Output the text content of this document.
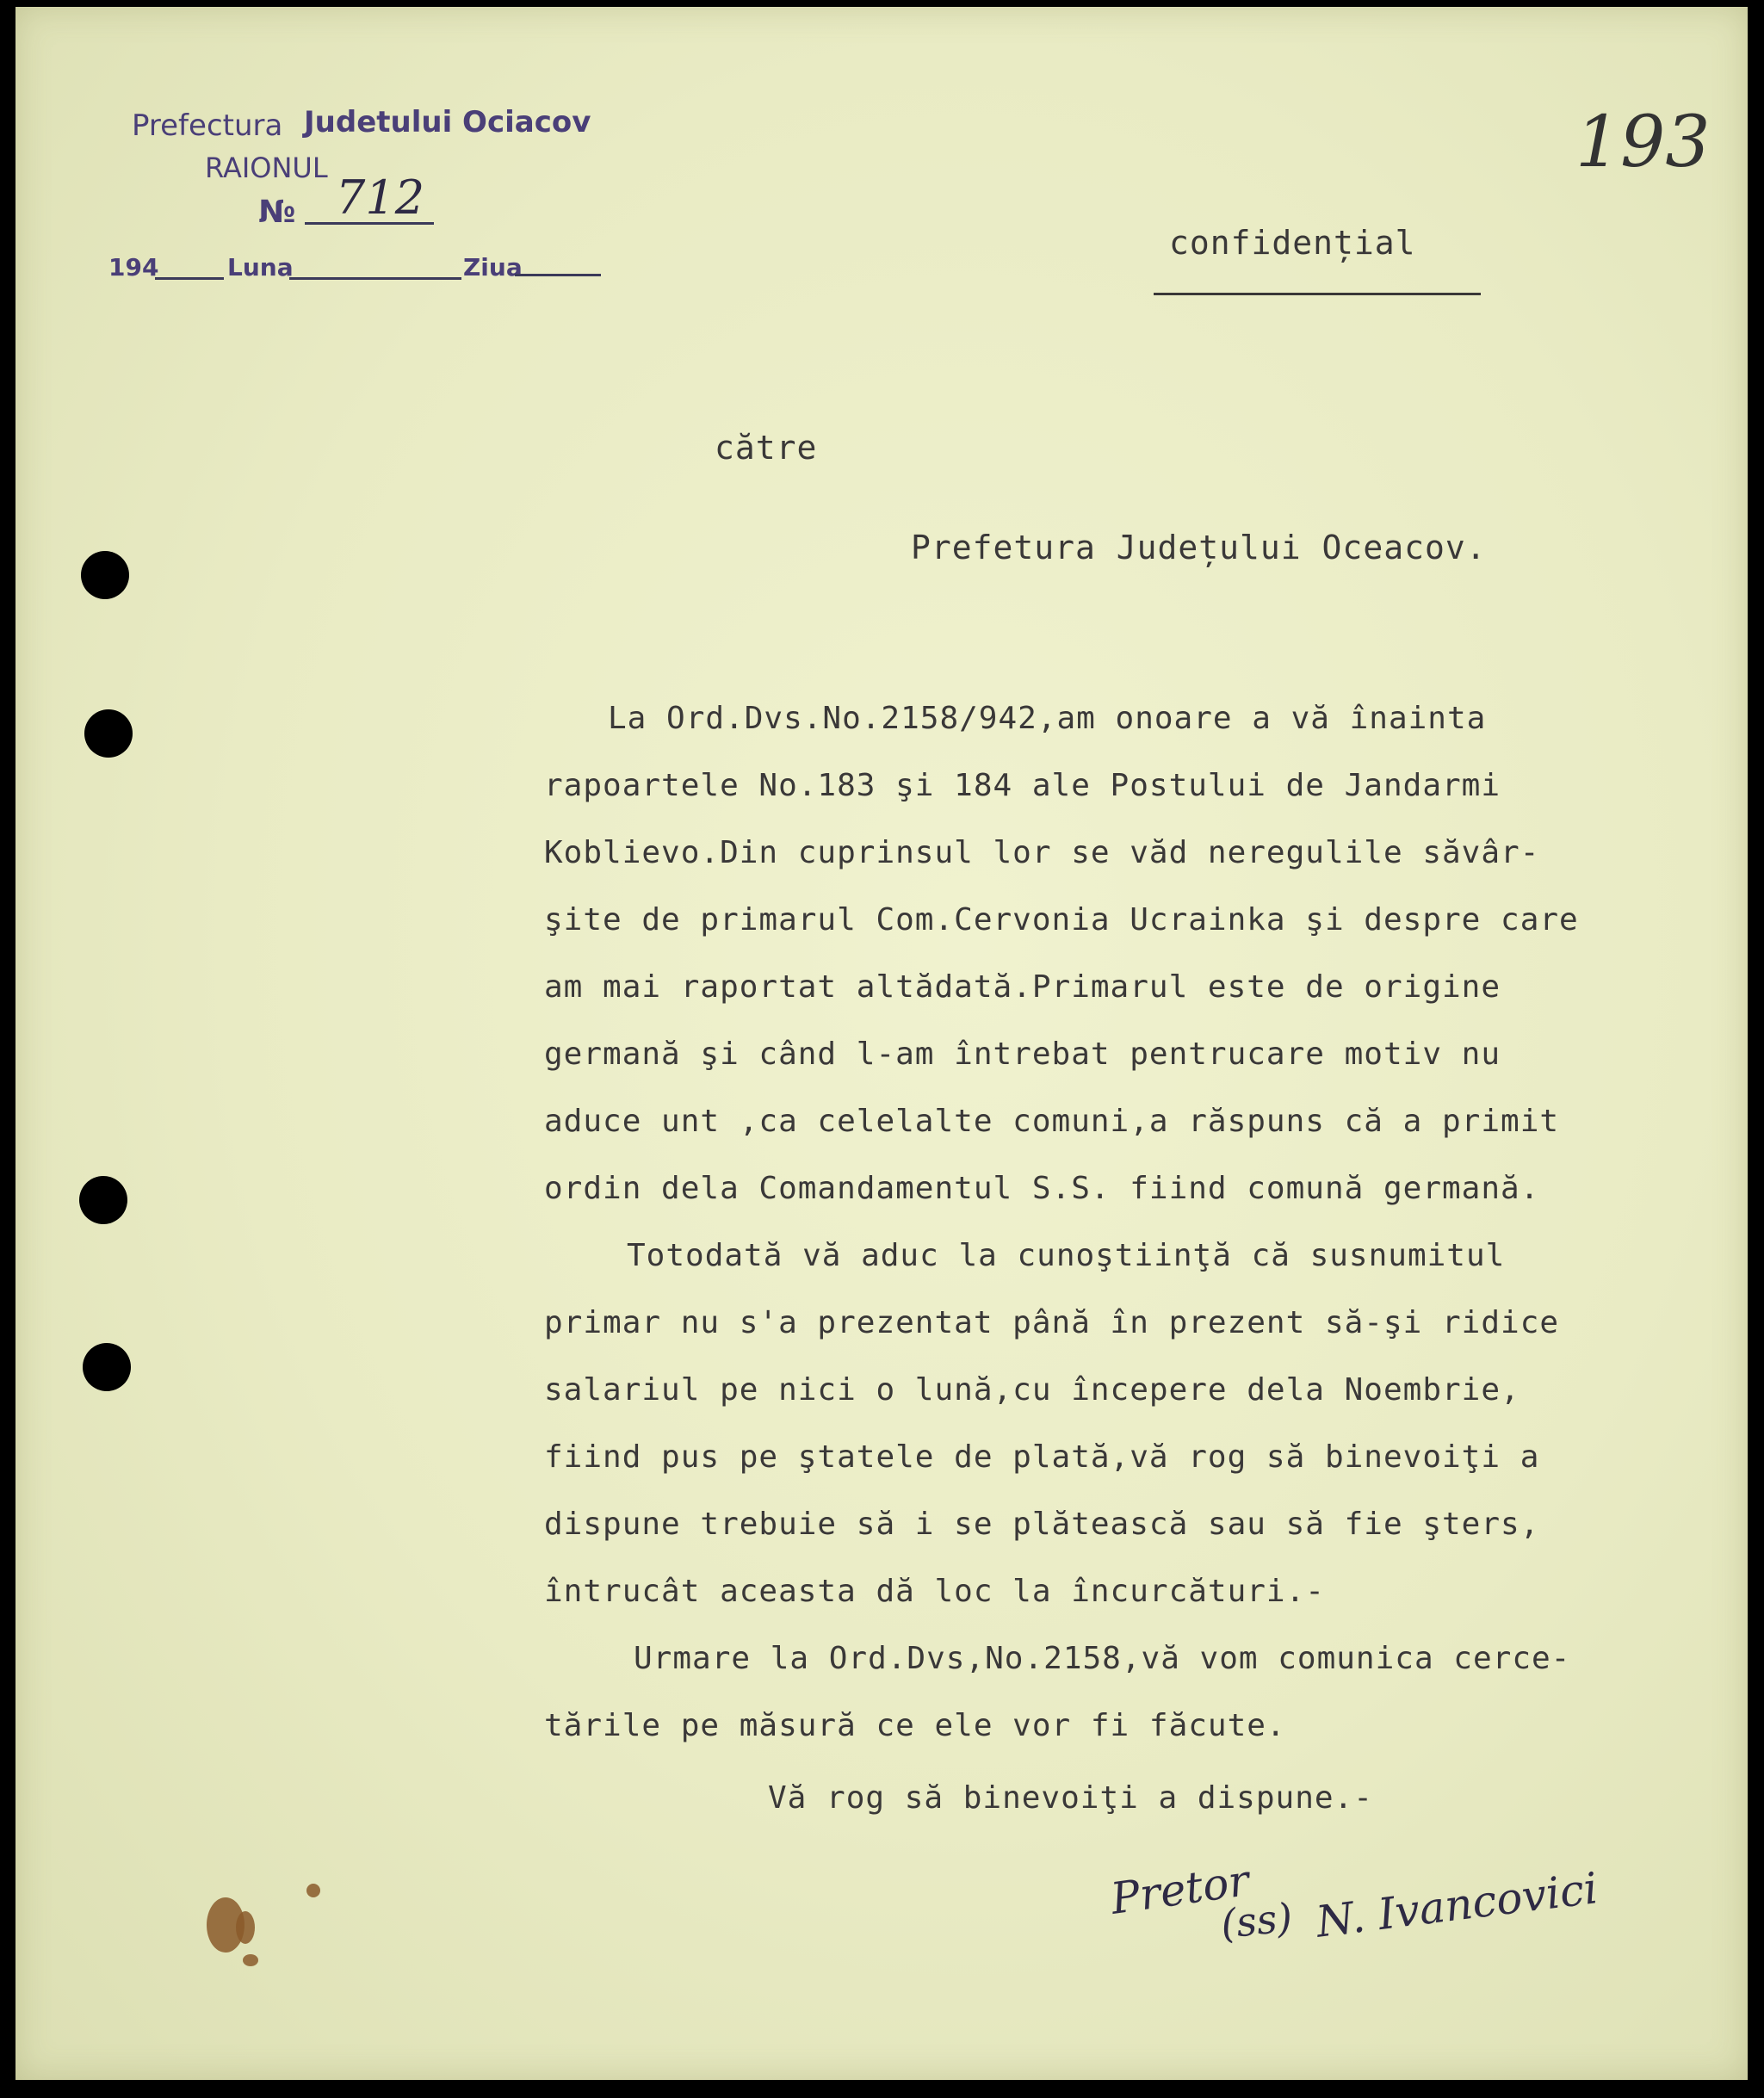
Prefectura Judetului Ociacov
RAIONUL
№ 712
194	Luna	Ziua
193
confidențial
către
Prefetura Județului Oceacov.
La Ord.Dvs.No.2158/942,am onoare a vă înainta
rapoartele No.183 şi 184 ale Postului de Jandarmi
Koblievo.Din cuprinsul lor se văd neregulile săvâr-
şite de primarul Com.Cervonia Ucrainka şi despre care
am mai raportat altădată.Primarul este de origine
germană şi când l-am întrebat pentrucare motiv nu
aduce unt ,ca celelalte comuni,a răspuns că a primit
ordin dela Comandamentul S.S. fiind comună germană.
Totodată vă aduc la cunoştiinţă că susnumitul
primar nu s'a prezentat până în prezent să-şi ridice
salariul pe nici o lună,cu începere dela Noembrie,
fiind pus pe ştatele de plată,vă rog să binevoiţi a
dispune trebuie să i se plătească sau să fie şters,
întrucât aceasta dă loc la încurcături.-
Urmare la Ord.Dvs,No.2158,vă vom comunica cerce-
tările pe măsură ce ele vor fi făcute.
Vă rog să binevoiţi a dispune.-
Pretor
(ss) N. Ivancovici
